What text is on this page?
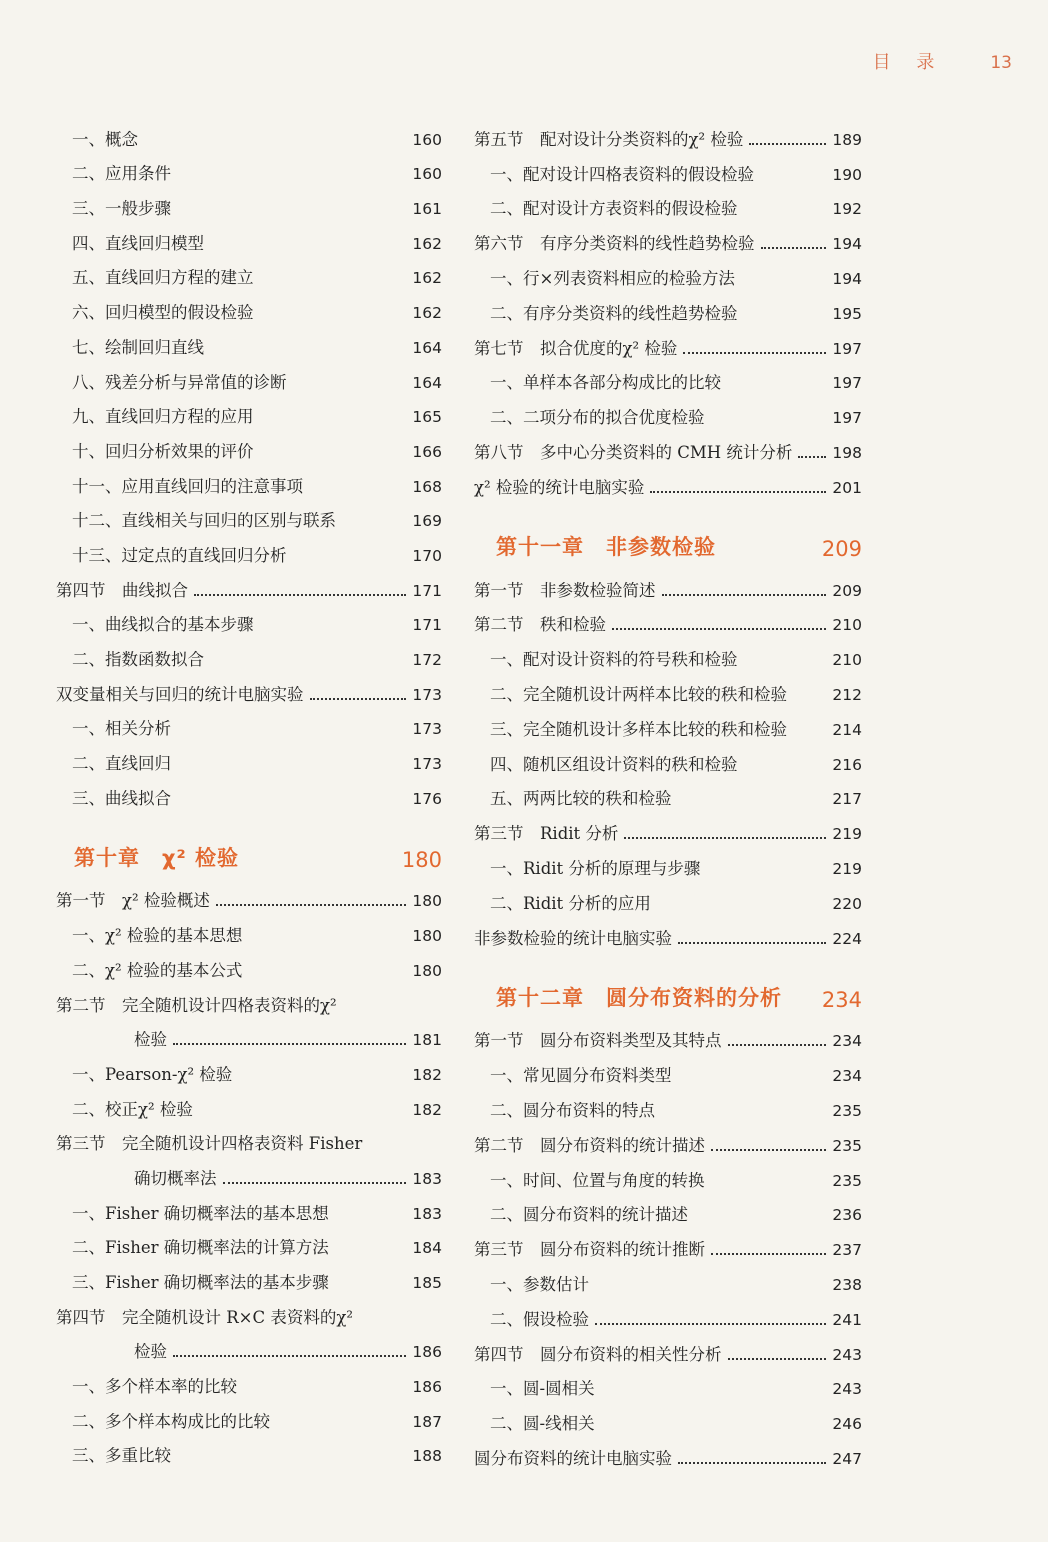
目 录	13
一、概念	160
二、应用条件	160
三、一般步骤	161
四、直线回归模型	162
五、直线回归方程的建立	162
六、回归模型的假设检验	162
七、绘制回归直线	164
八、残差分析与异常值的诊断	164
九、直线回归方程的应用	165
十、回归分析效果的评价	166
十一、应用直线回归的注意事项	168
十二、直线相关与回归的区别与联系	169
十三、过定点的直线回归分析	170
第四节　曲线拟合	171
一、曲线拟合的基本步骤	171
二、指数函数拟合	172
双变量相关与回归的统计电脑实验	173
一、相关分析	173
二、直线回归	173
三、曲线拟合	176
第十章　χ² 检验	180
第一节　χ² 检验概述	180
一、χ² 检验的基本思想	180
二、χ² 检验的基本公式	180
第二节　完全随机设计四格表资料的χ²
检验	181
一、Pearson-χ² 检验	182
二、校正χ² 检验	182
第三节　完全随机设计四格表资料 Fisher
确切概率法	183
一、Fisher 确切概率法的基本思想	183
二、Fisher 确切概率法的计算方法	184
三、Fisher 确切概率法的基本步骤	185
第四节　完全随机设计 R×C 表资料的χ²
检验	186
一、多个样本率的比较	186
二、多个样本构成比的比较	187
三、多重比较	188
第五节　配对设计分类资料的χ² 检验	189
一、配对设计四格表资料的假设检验	190
二、配对设计方表资料的假设检验	192
第六节　有序分类资料的线性趋势检验	194
一、行×列表资料相应的检验方法	194
二、有序分类资料的线性趋势检验	195
第七节　拟合优度的χ² 检验	197
一、单样本各部分构成比的比较	197
二、二项分布的拟合优度检验	197
第八节　多中心分类资料的 CMH 统计分析	198
χ² 检验的统计电脑实验	201
第十一章　非参数检验	209
第一节　非参数检验简述	209
第二节　秩和检验	210
一、配对设计资料的符号秩和检验	210
二、完全随机设计两样本比较的秩和检验	212
三、完全随机设计多样本比较的秩和检验	214
四、随机区组设计资料的秩和检验	216
五、两两比较的秩和检验	217
第三节　Ridit 分析	219
一、Ridit 分析的原理与步骤	219
二、Ridit 分析的应用	220
非参数检验的统计电脑实验	224
第十二章　圆分布资料的分析 234
第一节　圆分布资料类型及其特点	234
一、常见圆分布资料类型	234
二、圆分布资料的特点	235
第二节　圆分布资料的统计描述	235
一、时间、位置与角度的转换	235
二、圆分布资料的统计描述	236
第三节　圆分布资料的统计推断	237
一、参数估计	238
二、假设检验	241
第四节　圆分布资料的相关性分析	243
一、圆-圆相关	243
二、圆-线相关	246
圆分布资料的统计电脑实验	247
